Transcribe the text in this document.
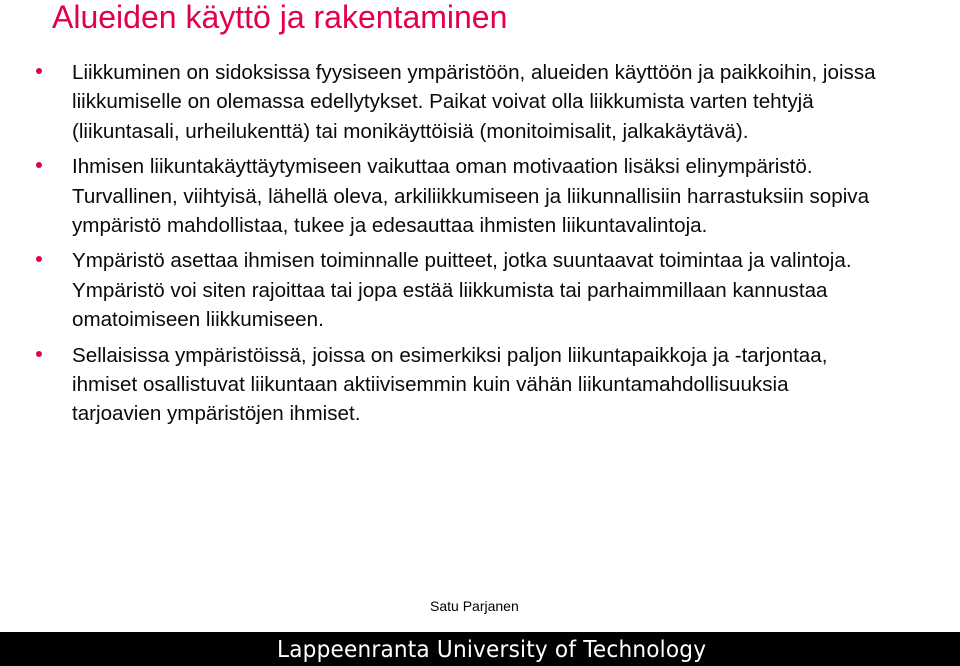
Alueiden käyttö ja rakentaminen
Liikkuminen on sidoksissa fyysiseen ympäristöön, alueiden käyttöön ja paikkoihin, joissa liikkumiselle on olemassa edellytykset. Paikat voivat olla liikkumista varten tehtyjä (liikuntasali, urheilukenttä) tai monikäyttöisiä (monitoimisalit, jalkakäytävä).
Ihmisen liikuntakäyttäytymiseen vaikuttaa oman motivaation lisäksi elinympäristö. Turvallinen, viihtyisä, lähellä oleva, arkiliikkumiseen ja liikunnallisiin harrastuksiin sopiva ympäristö mahdollistaa, tukee ja edesauttaa ihmisten liikuntavalintoja.
Ympäristö asettaa ihmisen toiminnalle puitteet, jotka suuntaavat toimintaa ja valintoja. Ympäristö voi siten rajoittaa tai jopa estää liikkumista tai parhaimmillaan kannustaa omatoimiseen liikkumiseen.
Sellaisissa ympäristöissä, joissa on esimerkiksi paljon liikuntapaikkoja ja -tarjontaa, ihmiset osallistuvat liikuntaan aktiivisemmin kuin vähän liikuntamahdollisuuksia tarjoavien ympäristöjen ihmiset.
Satu Parjanen
Lappeenranta University of Technology
